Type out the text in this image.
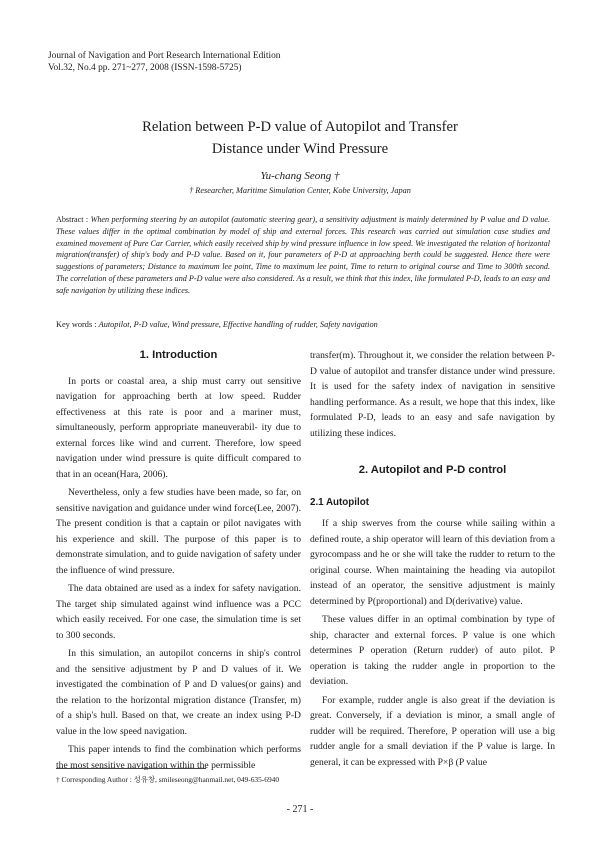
Journal of Navigation and Port Research International Edition
Vol.32, No.4 pp. 271~277, 2008 (ISSN-1598-5725)
Relation between P-D value of Autopilot and Transfer
Distance under Wind Pressure
Yu-chang Seong †
† Researcher, Maritime Simulation Center, Kobe University, Japan
Abstract : When performing steering by an autopilot (automatic steering gear), a sensitivity adjustment is mainly determined by P value and D value. These values differ in the optimal combination by model of ship and external forces. This research was carried out simulation case studies and examined movement of Pure Car Carrier, which easily received ship by wind pressure influence in low speed. We investigated the relation of horizontal migration(transfer) of ship's body and P-D value. Based on it, four parameters of P-D at approaching berth could be suggested. Hence there were suggestions of parameters; Distance to maximum lee point, Time to maximum lee point, Time to return to original course and Time to 300th second. The correlation of these parameters and P-D value were also considered. As a result, we think that this index, like formulated P-D, leads to an easy and safe navigation by utilizing these indices.
Key words : Autopilot, P-D value, Wind pressure, Effective handling of rudder, Safety navigation
1. Introduction

In ports or coastal area, a ship must carry out sensitive navigation for approaching berth at low speed. Rudder effectiveness at this rate is poor and a mariner must, simultaneously, perform appropriate maneuverabil- ity due to external forces like wind and current. Therefore, low speed navigation under wind pressure is quite difficult compared to that in an ocean(Hara, 2006).

Nevertheless, only a few studies have been made, so far, on sensitive navigation and guidance under wind force(Lee, 2007). The present condition is that a captain or pilot navigates with his experience and skill. The purpose of this paper is to demonstrate simulation, and to guide navigation of safety under the influence of wind pressure.

The data obtained are used as a index for safety navigation. The target ship simulated against wind influence was a PCC which easily received. For one case, the simulation time is set to 300 seconds.

In this simulation, an autopilot concerns in ship's control and the sensitive adjustment by P and D values of it. We investigated the combination of P and D values(or gains) and the relation to the horizontal migration distance (Transfer, m) of a ship's hull. Based on that, we create an index using P-D value in the low speed navigation.

This paper intends to find the combination which performs the most sensitive navigation within the permissible

transfer(m). Throughout it, we consider the relation between P-D value of autopilot and transfer distance under wind pressure. It is used for the safety index of navigation in sensitive handling performance. As a result, we hope that this index, like formulated P-D, leads to an easy and safe navigation by utilizing these indices.

2. Autopilot and P-D control
2.1 Autopilot

If a ship swerves from the course while sailing within a defined route, a ship operator will learn of this deviation from a gyrocompass and he or she will take the rudder to return to the original course. When maintaining the heading via autopilot instead of an operator, the sensitive adjustment is mainly determined by P(proportional) and D(derivative) value.

These values differ in an optimal combination by type of ship, character and external forces. P value is one which determines P operation (Return rudder) of auto pilot. P operation is taking the rudder angle in proportion to the deviation.

For example, rudder angle is also great if the deviation is great. Conversely, if a deviation is minor, a small angle of rudder will be required. Therefore, P operation will use a big rudder angle for a small deviation if the P value is large. In general, it can be expressed with P×β (P value

† Corresponding Author : 성유창, smileseong@hanmail.net, 049-635-6940
- 271 -
